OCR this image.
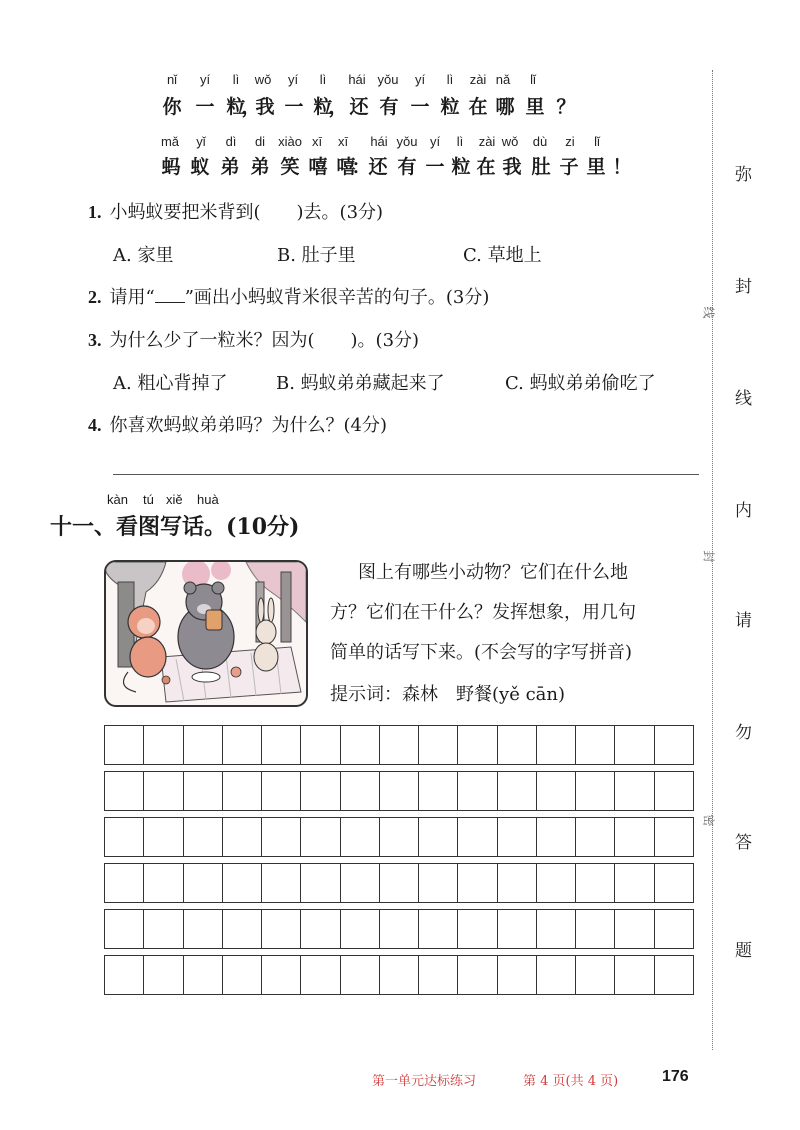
nǐ yí lì wǒ yí lì hái yǒu yí lì zài nǎ lǐ
你 一 粒
，
我 一 粒
， 还 有 一 粒 在 哪 里 ？
mǎ yǐ dì di xiào xī xī hái yǒu yí lì zài wǒ dù zi lǐ
蚂 蚁 弟 弟 笑 嘻 嘻
：
还 有 一 粒 在 我 肚 子 里 ！
1. 小蚂蚁要把米背到(　　)去。(3分)
A. 家里	B. 肚子里	C. 草地上
2. 请用“ ”画出小蚂蚁背米很辛苦的句子。(3分)
3. 为什么少了一粒米？因为(　　)。(3分)
A. 粗心背掉了	B. 蚂蚁弟弟藏起来了	C. 蚂蚁弟弟偷吃了
4. 你喜欢蚂蚁弟弟吗？为什么？(4分)
kàn tú xiě huà
十一、看图写话。(10分)
图上有哪些小动物？它们在什么地
方？它们在干什么？发挥想象，用几句
简单的话写下来。(不会写的字写拼音)
提示词：森林　野餐(yě cān)
弥
封
线
内
请
勿
答
题
线
封
密
第一单元达标练习	第 4 页(共 4 页)	176
